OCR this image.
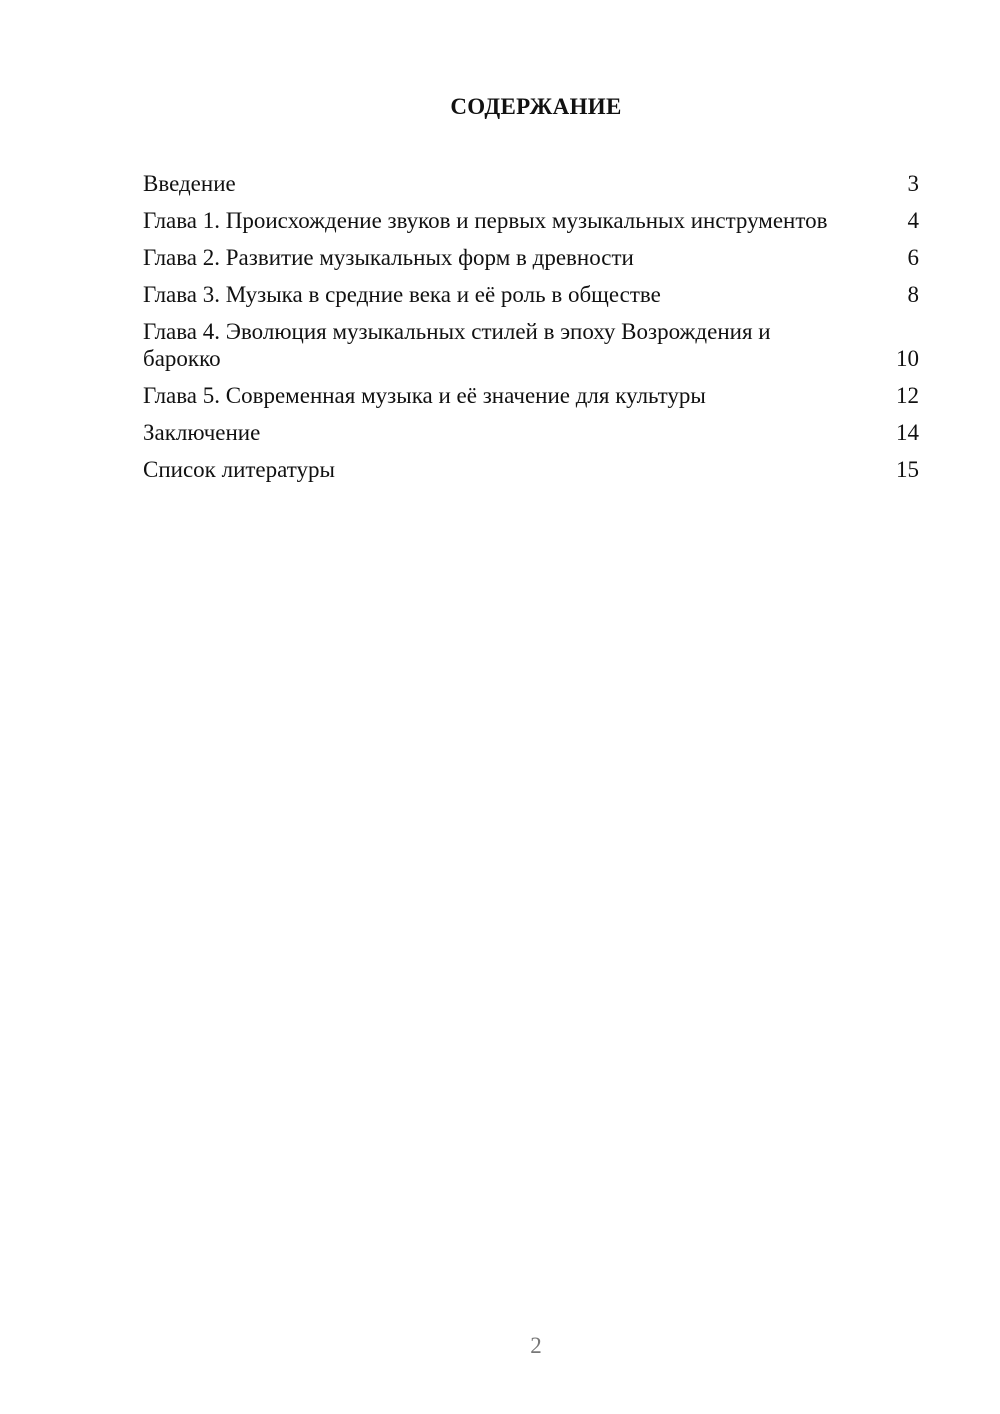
СОДЕРЖАНИЕ
Введение	3
Глава 1. Происхождение звуков и первых музыкальных инструментов	4
Глава 2. Развитие музыкальных форм в древности	6
Глава 3. Музыка в средние века и её роль в обществе	8
Глава 4. Эволюция музыкальных стилей в эпоху Возрождения и барокко	10
Глава 5. Современная музыка и её значение для культуры	12
Заключение	14
Список литературы	15
2
